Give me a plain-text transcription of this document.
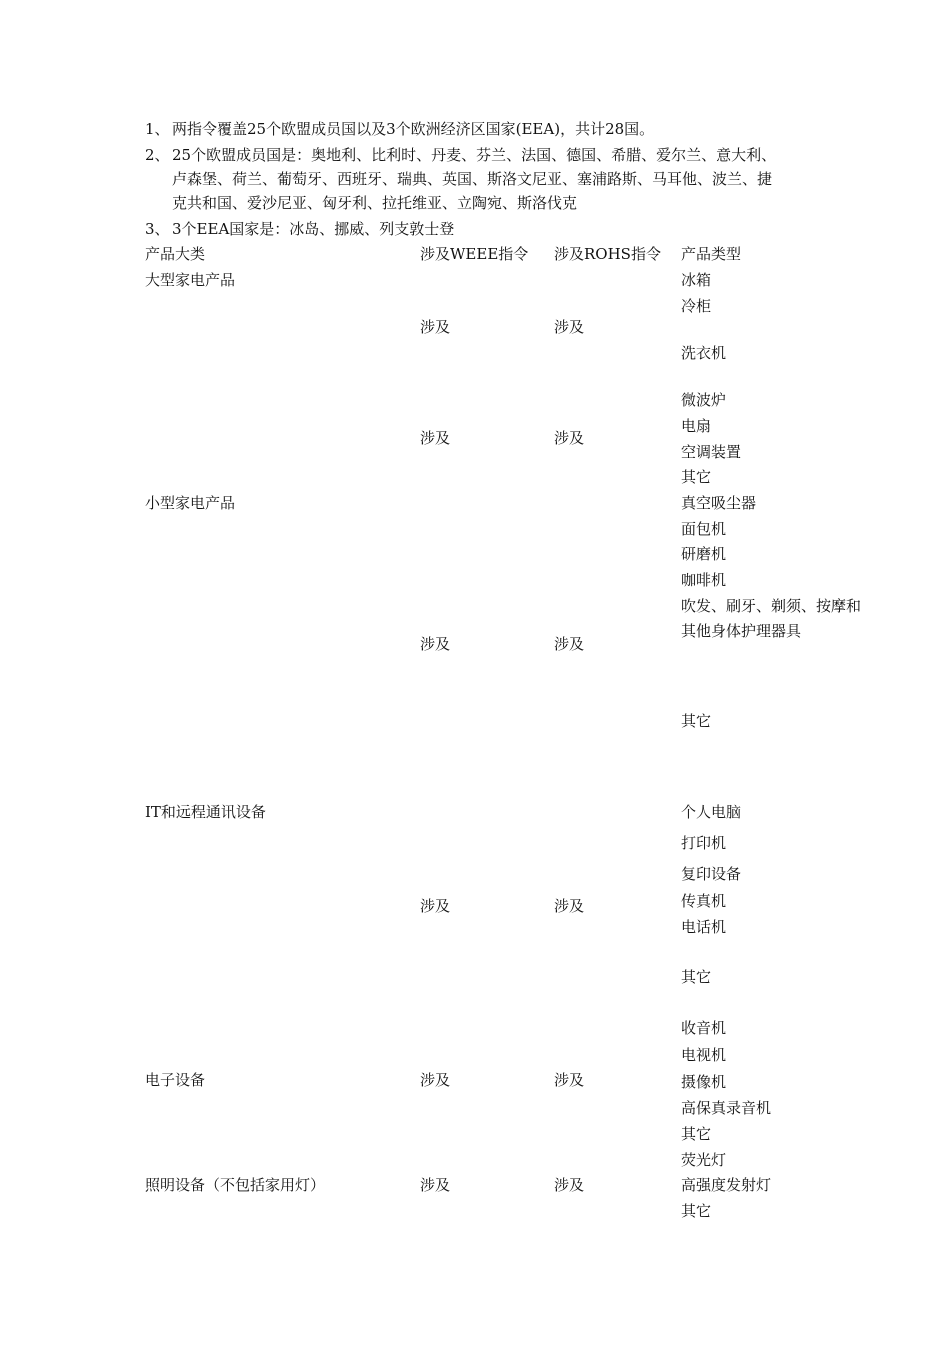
1、 两指令覆盖25个欧盟成员国以及3个欧洲经济区国家(EEA)，共计28国。
2、 25个欧盟成员国是：奥地利、比利时、丹麦、芬兰、法国、德国、希腊、爱尔兰、意大利、
卢森堡、荷兰、葡萄牙、西班牙、瑞典、英国、斯洛文尼亚、塞浦路斯、马耳他、波兰、捷
克共和国、爱沙尼亚、匈牙利、拉托维亚、立陶宛、斯洛伐克
3、 3个EEA国家是：冰岛、挪威、列支敦士登
产品大类	涉及WEEE指令 涉及ROHS指令 产品类型
大型家电产品
小型家电产品
IT和远程通讯设备
电子设备
照明设备（不包括家用灯）
涉及
涉及
涉及
涉及
涉及
涉及
涉及
涉及
涉及
涉及
涉及
涉及
冰箱
冷柜
洗衣机
微波炉
电扇
空调装置
其它
真空吸尘器
面包机
研磨机
咖啡机
吹发、刷牙、剃须、按摩和
其他身体护理器具
其它
个人电脑
打印机
复印设备
传真机
电话机
其它
收音机
电视机
摄像机
高保真录音机
其它
荧光灯
高强度发射灯
其它
